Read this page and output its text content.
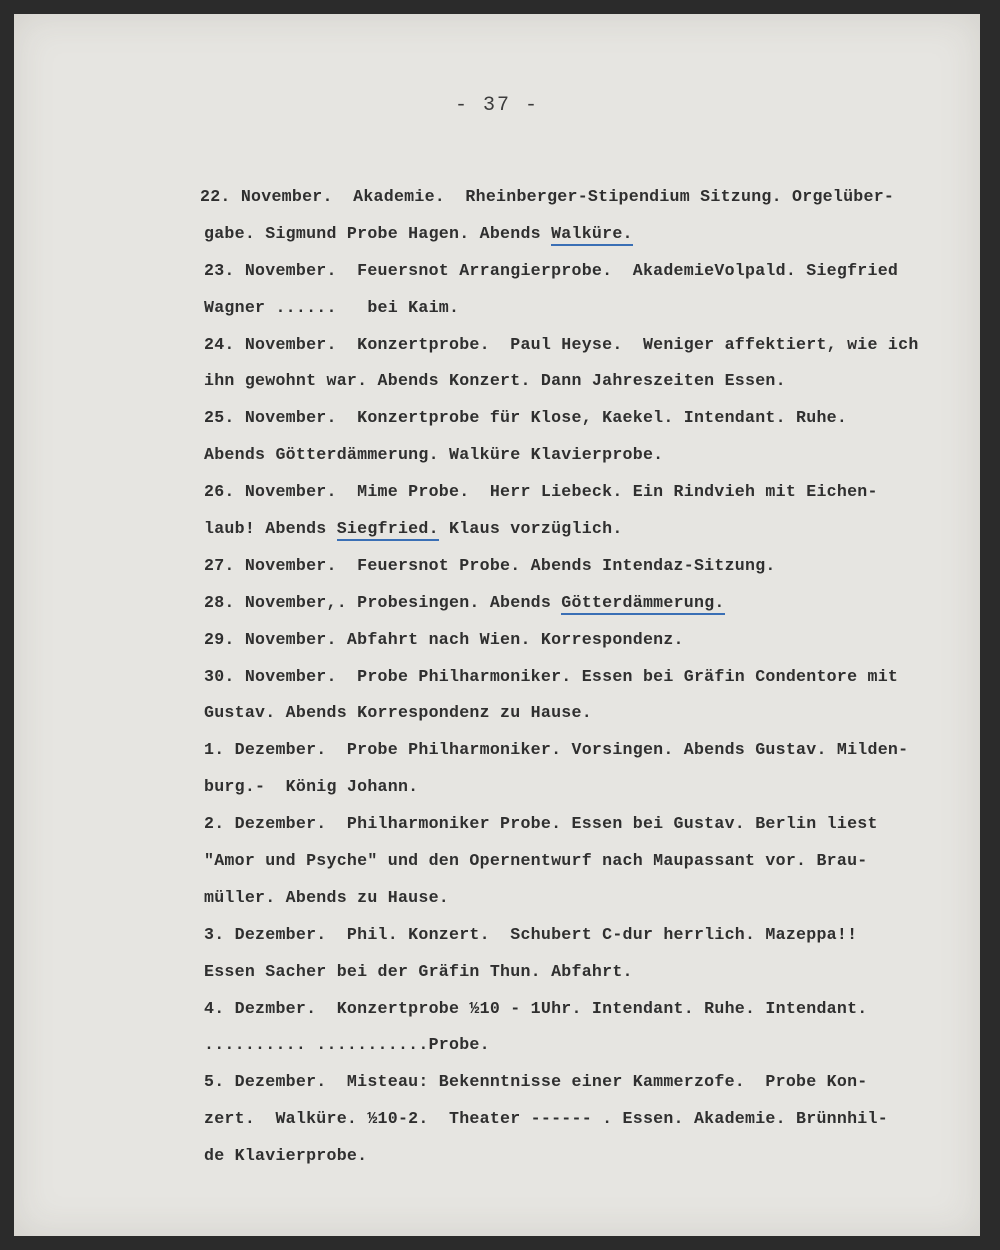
- 37 -
22. November.  Akademie.  Rheinberger-Stipendium Sitzung. Orgelüber-
gabe. Sigmund Probe Hagen. Abends Walküre.
23. November.  Feuersnot Arrangierprobe.  AkademieVolpald. Siegfried
Wagner ......   bei Kaim.
24. November.  Konzertprobe.  Paul Heyse.  Weniger affektiert, wie ich
ihn gewohnt war. Abends Konzert. Dann Jahreszeiten Essen.
25. November.  Konzertprobe für Klose, Kaekel. Intendant. Ruhe.
Abends Götterdämmerung. Walküre Klavierprobe.
26. November.  Mime Probe.  Herr Liebeck. Ein Rindvieh mit Eichen-
laub! Abends Siegfried. Klaus vorzüglich.
27. November.  Feuersnot Probe. Abends Intendaz-Sitzung.
28. November,. Probesingen. Abends Götterdämmerung.
29. November. Abfahrt nach Wien. Korrespondenz.
30. November.  Probe Philharmoniker. Essen bei Gräfin Condentore mit
Gustav. Abends Korrespondenz zu Hause.
1. Dezember.  Probe Philharmoniker. Vorsingen. Abends Gustav. Milden-
burg.-  König Johann.
2. Dezember.  Philharmoniker Probe. Essen bei Gustav. Berlin liest
"Amor und Psyche" und den Opernentwurf nach Maupassant vor. Brau-
müller. Abends zu Hause.
3. Dezember.  Phil. Konzert.  Schubert C-dur herrlich. Mazeppa!!
Essen Sacher bei der Gräfin Thun. Abfahrt.
4. Dezmber.  Konzertprobe ½10 - 1Uhr. Intendant. Ruhe. Intendant.
.......... ...........Probe.
5. Dezember.  Misteau: Bekenntnisse einer Kammerzofe.  Probe Kon-
zert.  Walküre. ½10-2.  Theater ------ . Essen. Akademie. Brünnhil-
de Klavierprobe.
